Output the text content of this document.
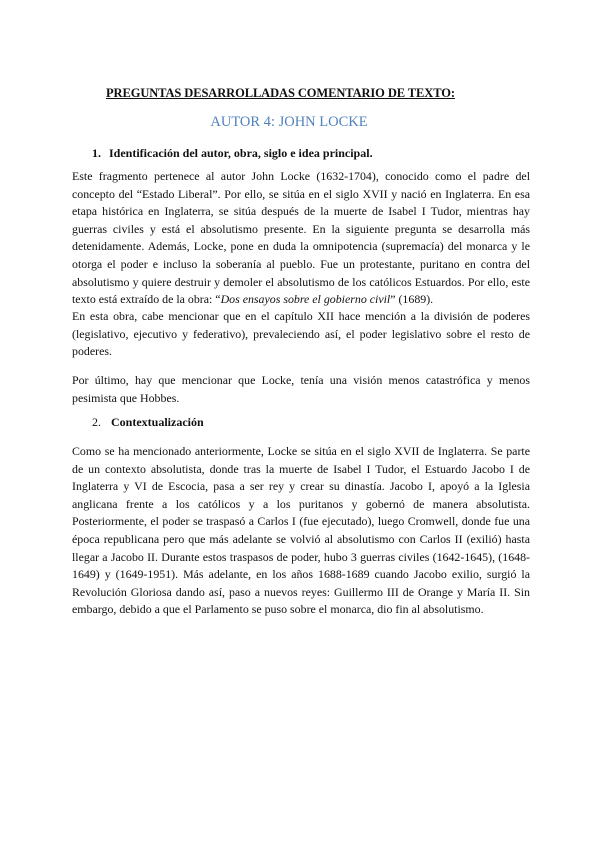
PREGUNTAS DESARROLLADAS COMENTARIO DE TEXTO:
AUTOR 4: JOHN LOCKE
1. Identificación del autor, obra, siglo e idea principal.

Este fragmento pertenece al autor John Locke (1632-1704), conocido como el padre del concepto del “Estado Liberal”. Por ello, se sitúa en el siglo XVII y nació en Inglaterra. En esa etapa histórica en Inglaterra, se sitúa después de la muerte de Isabel I Tudor, mientras hay guerras civiles y está el absolutismo presente. En la siguiente pregunta se desarrolla más detenidamente. Además, Locke, pone en duda la omnipotencia (supremacía) del monarca y le otorga el poder e incluso la soberanía al pueblo. Fue un protestante, puritano en contra del absolutismo y quiere destruir y demoler el absolutismo de los católicos Estuardos. Por ello, este texto está extraído de la obra: “Dos ensayos sobre el gobierno civil” (1689).

En esta obra, cabe mencionar que en el capítulo XII hace mención a la división de poderes (legislativo, ejecutivo y federativo), prevaleciendo así, el poder legislativo sobre el resto de poderes.

Por último, hay que mencionar que Locke, tenía una visión menos catastrófica y menos pesimista que Hobbes.

2. Contextualización

Como se ha mencionado anteriormente, Locke se sitúa en el siglo XVII de Inglaterra. Se parte de un contexto absolutista, donde tras la muerte de Isabel I Tudor, el Estuardo Jacobo I de Inglaterra y VI de Escocia, pasa a ser rey y crear su dinastía. Jacobo I, apoyó a la Iglesia anglicana frente a los católicos y a los puritanos y gobernó de manera absolutista. Posteriormente, el poder se traspasó a Carlos I (fue ejecutado), luego Cromwell, donde fue una época republicana pero que más adelante se volvió al absolutismo con Carlos II (exilió) hasta llegar a Jacobo II. Durante estos traspasos de poder, hubo 3 guerras civiles (1642-1645), (1648-1649) y (1649-1951). Más adelante, en los años 1688-1689 cuando Jacobo exilio, surgió la Revolución Gloriosa dando así, paso a nuevos reyes: Guillermo III de Orange y María II. Sin embargo, debido a que el Parlamento se puso sobre el monarca, dio fin al absolutismo.
